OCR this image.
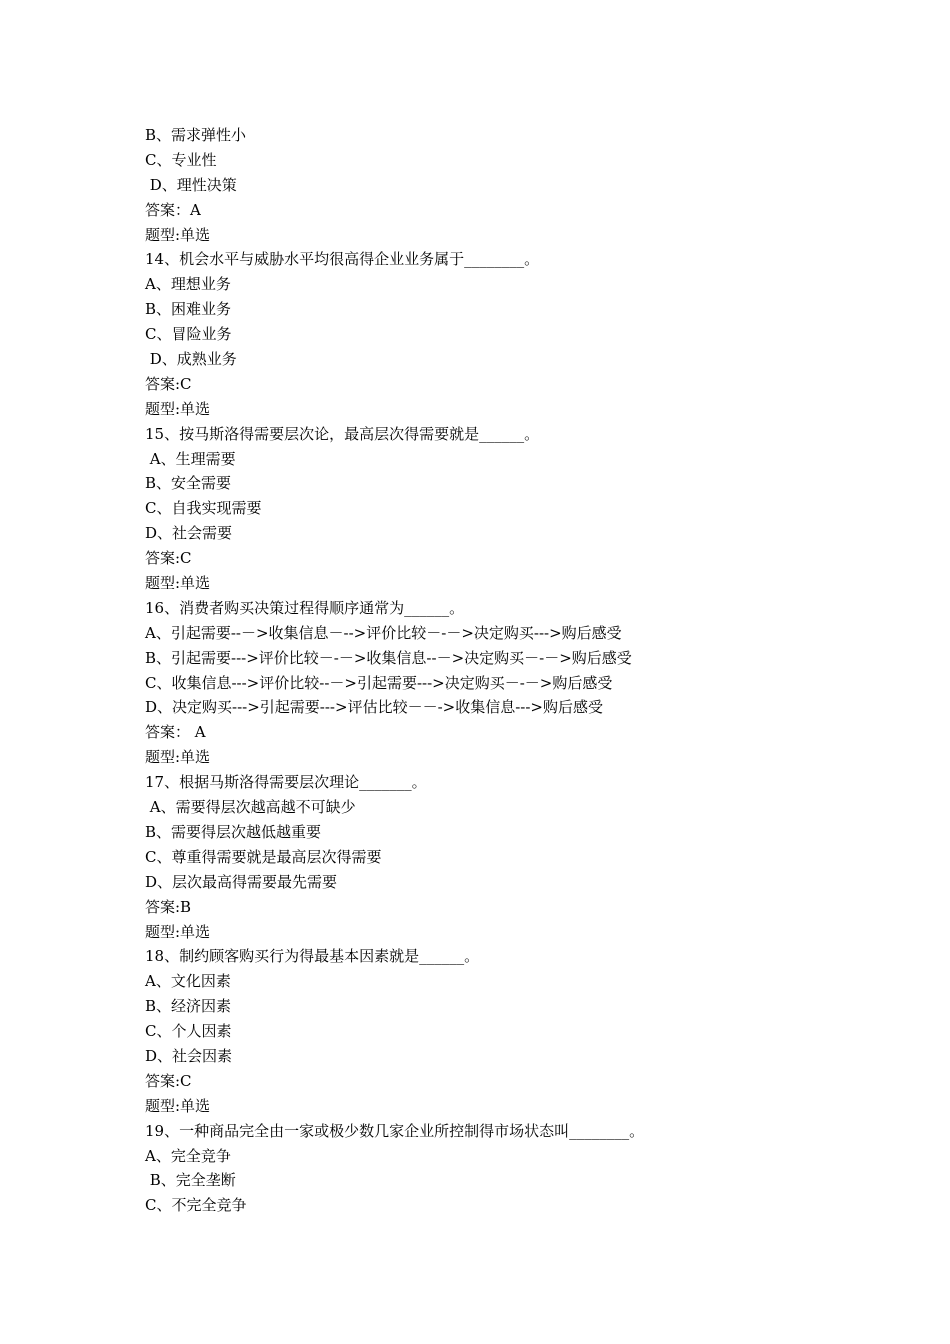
B、需求弹性小
C、专业性
D、理性决策
答案：A
题型:单选
14、机会水平与威胁水平均很高得企业业务属于________。
A、理想业务
B、困难业务
C、冒险业务
D、成熟业务
答案:C
题型:单选
15、按马斯洛得需要层次论，最高层次得需要就是______。
A、生理需要
B、安全需要
C、自我实现需要
D、社会需要
答案:C
题型:单选
16、消费者购买决策过程得顺序通常为______。
A、引起需要--－>收集信息－-->评价比较－-－>决定购买--->购后感受
B、引起需要--->评价比较－-－>收集信息--－>决定购买－-－>购后感受
C、收集信息--->评价比较--－>引起需要--->决定购买－-－>购后感受
D、决定购买--->引起需要--->评估比较－－->收集信息--->购后感受
答案： A
题型:单选
17、根据马斯洛得需要层次理论_______。
A、需要得层次越高越不可缺少
B、需要得层次越低越重要
C、尊重得需要就是最高层次得需要
D、层次最高得需要最先需要
答案:B
题型:单选
18、制约顾客购买行为得最基本因素就是______。
A、文化因素
B、经济因素
C、个人因素
D、社会因素
答案:C
题型:单选
19、一种商品完全由一家或极少数几家企业所控制得市场状态叫________。
A、完全竞争
B、完全垄断
C、不完全竞争
